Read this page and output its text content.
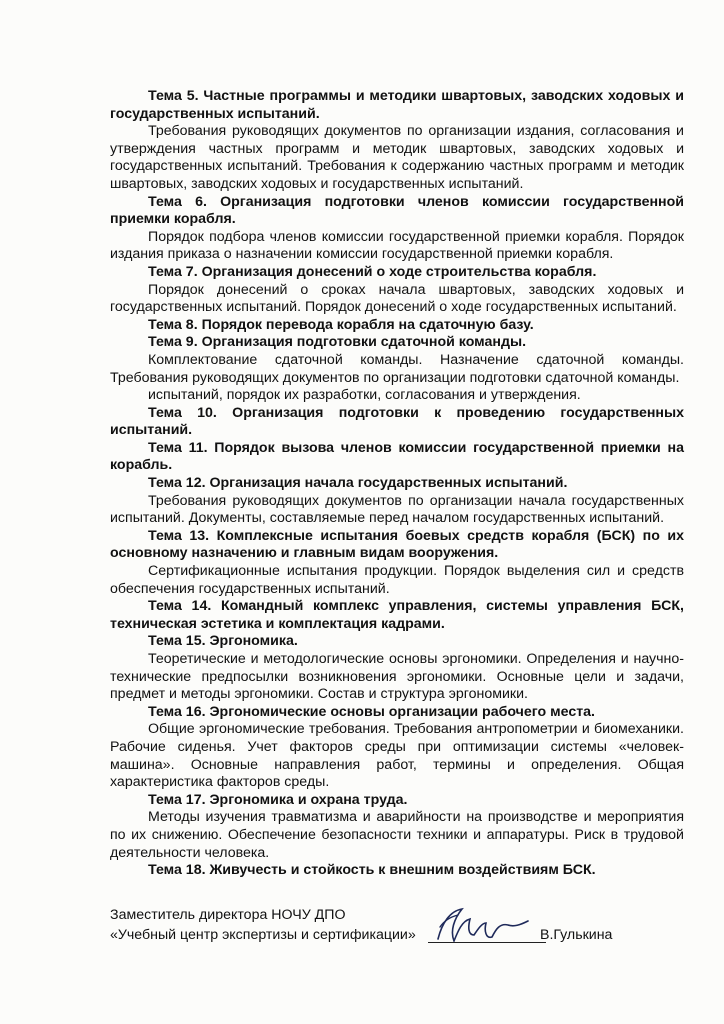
Тема 5. Частные программы и методики швартовых, заводских ходовых и государственных испытаний.

Требования руководящих документов по организации издания, согласования и утверждения частных программ и методик швартовых, заводских ходовых и государственных испытаний. Требования к содержанию частных программ и методик швартовых, заводских ходовых и государственных испытаний.

Тема 6. Организация подготовки членов комиссии государственной приемки корабля.

Порядок подбора членов комиссии государственной приемки корабля. Порядок издания приказа о назначении комиссии государственной приемки корабля.

Тема 7. Организация донесений о ходе строительства корабля.

Порядок донесений о сроках начала швартовых, заводских ходовых и государственных испытаний. Порядок донесений о ходе государственных испытаний.

Тема 8. Порядок перевода корабля на сдаточную базу.

Тема 9. Организация подготовки сдаточной команды.

Комплектование сдаточной команды. Назначение сдаточной команды. Требования руководящих документов по организации подготовки сдаточной команды.

испытаний, порядок их разработки, согласования и утверждения.

Тема 10. Организация подготовки к проведению государственных испытаний.

Тема 11. Порядок вызова членов комиссии государственной приемки на корабль.

Тема 12. Организация начала государственных испытаний.

Требования руководящих документов по организации начала государственных испытаний. Документы, составляемые перед началом государственных испытаний.

Тема 13. Комплексные испытания боевых средств корабля (БСК) по их основному назначению и главным видам вооружения.

Сертификационные испытания продукции. Порядок выделения сил и средств обеспечения государственных испытаний.

Тема 14. Командный комплекс управления, системы управления БСК, техническая эстетика и комплектация кадрами.

Тема 15. Эргономика.

Теоретические и методологические основы эргономики. Определения и научно-технические предпосылки возникновения эргономики. Основные цели и задачи, предмет и методы эргономики. Состав и структура эргономики.

Тема 16. Эргономические основы организации рабочего места.

Общие эргономические требования. Требования антропометрии и биомеханики. Рабочие сиденья. Учет факторов среды при оптимизации системы «человек-машина». Основные направления работ, термины и определения. Общая характеристика факторов среды.

Тема 17. Эргономика и охрана труда.

Методы изучения травматизма и аварийности на производстве и мероприятия по их снижению. Обеспечение безопасности техники и аппаратуры. Риск в трудовой деятельности человека.

Тема 18. Живучесть и стойкость к внешним воздействиям БСК.

Заместитель директора НОЧУ ДПО
«Учебный центр экспертизы и сертификации»	В.Гулькина
